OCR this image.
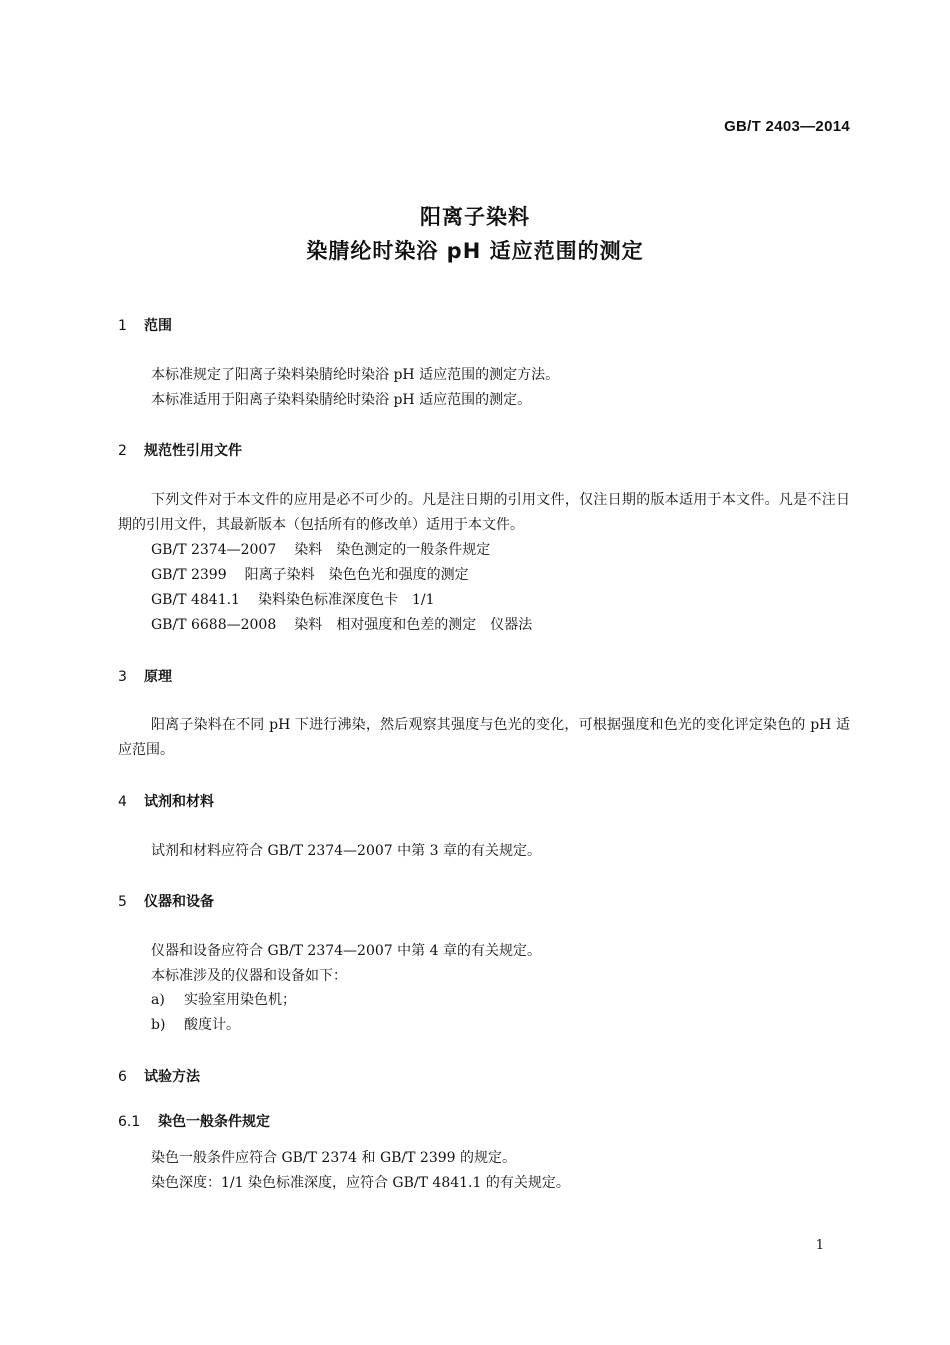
GB/T 2403—2014
阳离子染料
染腈纶时染浴 pH 适应范围的测定
1 范围
本标准规定了阳离子染料染腈纶时染浴 pH 适应范围的测定方法。
本标准适用于阳离子染料染腈纶时染浴 pH 适应范围的测定。
2 规范性引用文件
下列文件对于本文件的应用是必不可少的。凡是注日期的引用文件，仅注日期的版本适用于本文件。凡是不注日期的引用文件，其最新版本（包括所有的修改单）适用于本文件。
GB/T 2374—2007 染料　染色测定的一般条件规定
GB/T 2399 阳离子染料　染色色光和强度的测定
GB/T 4841.1 染料染色标准深度色卡　1/1
GB/T 6688—2008 染料　相对强度和色差的测定　仪器法
3 原理
阳离子染料在不同 pH 下进行沸染，然后观察其强度与色光的变化，可根据强度和色光的变化评定染色的 pH 适应范围。
4 试剂和材料
试剂和材料应符合 GB/T 2374—2007 中第 3 章的有关规定。
5 仪器和设备
仪器和设备应符合 GB/T 2374—2007 中第 4 章的有关规定。
本标准涉及的仪器和设备如下：
a) 实验室用染色机；
b) 酸度计。
6 试验方法
6.1 染色一般条件规定
染色一般条件应符合 GB/T 2374 和 GB/T 2399 的规定。
染色深度：1/1 染色标准深度，应符合 GB/T 4841.1 的有关规定。
1
